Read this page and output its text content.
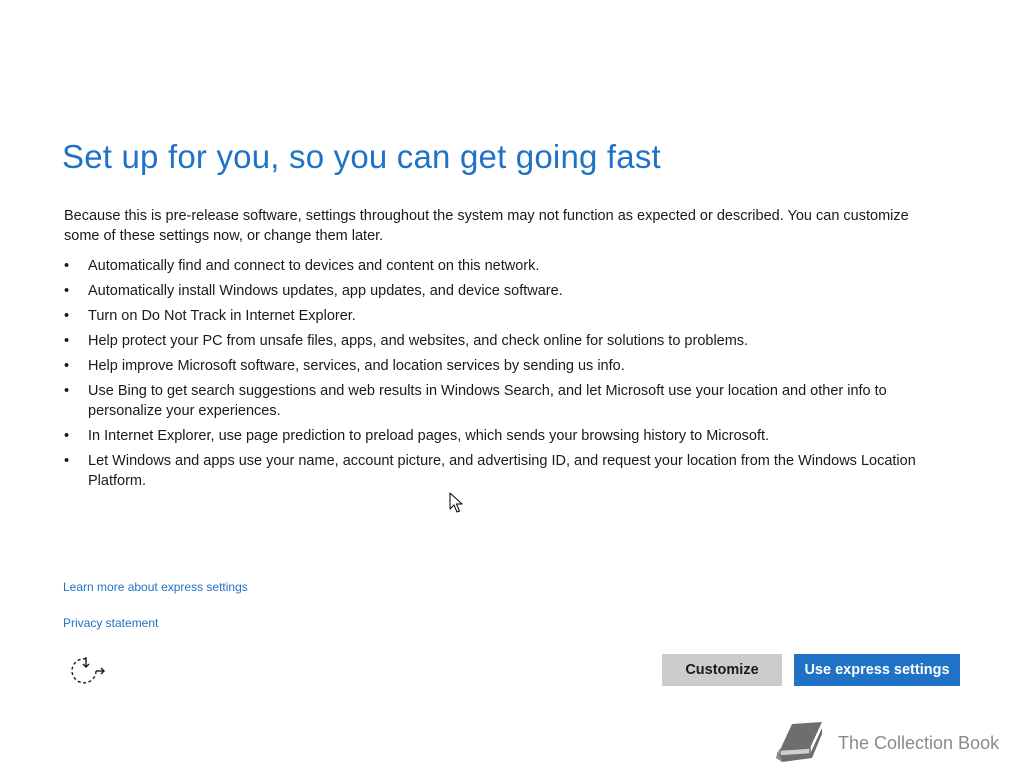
Set up for you, so you can get going fast

Because this is pre-release software, settings throughout the system may not function as expected or described. You can customize some of these settings now, or change them later.

• Automatically find and connect to devices and content on this network.
• Automatically install Windows updates, app updates, and device software.
• Turn on Do Not Track in Internet Explorer.
• Help protect your PC from unsafe files, apps, and websites, and check online for solutions to problems.
• Help improve Microsoft software, services, and location services by sending us info.
• Use Bing to get search suggestions and web results in Windows Search, and let Microsoft use your location and other info to personalize your experiences.
• In Internet Explorer, use page prediction to preload pages, which sends your browsing history to Microsoft.
• Let Windows and apps use your name, account picture, and advertising ID, and request your location from the Windows Location Platform.
Learn more about express settings
Privacy statement
Customize	Use express settings
The Collection Book
